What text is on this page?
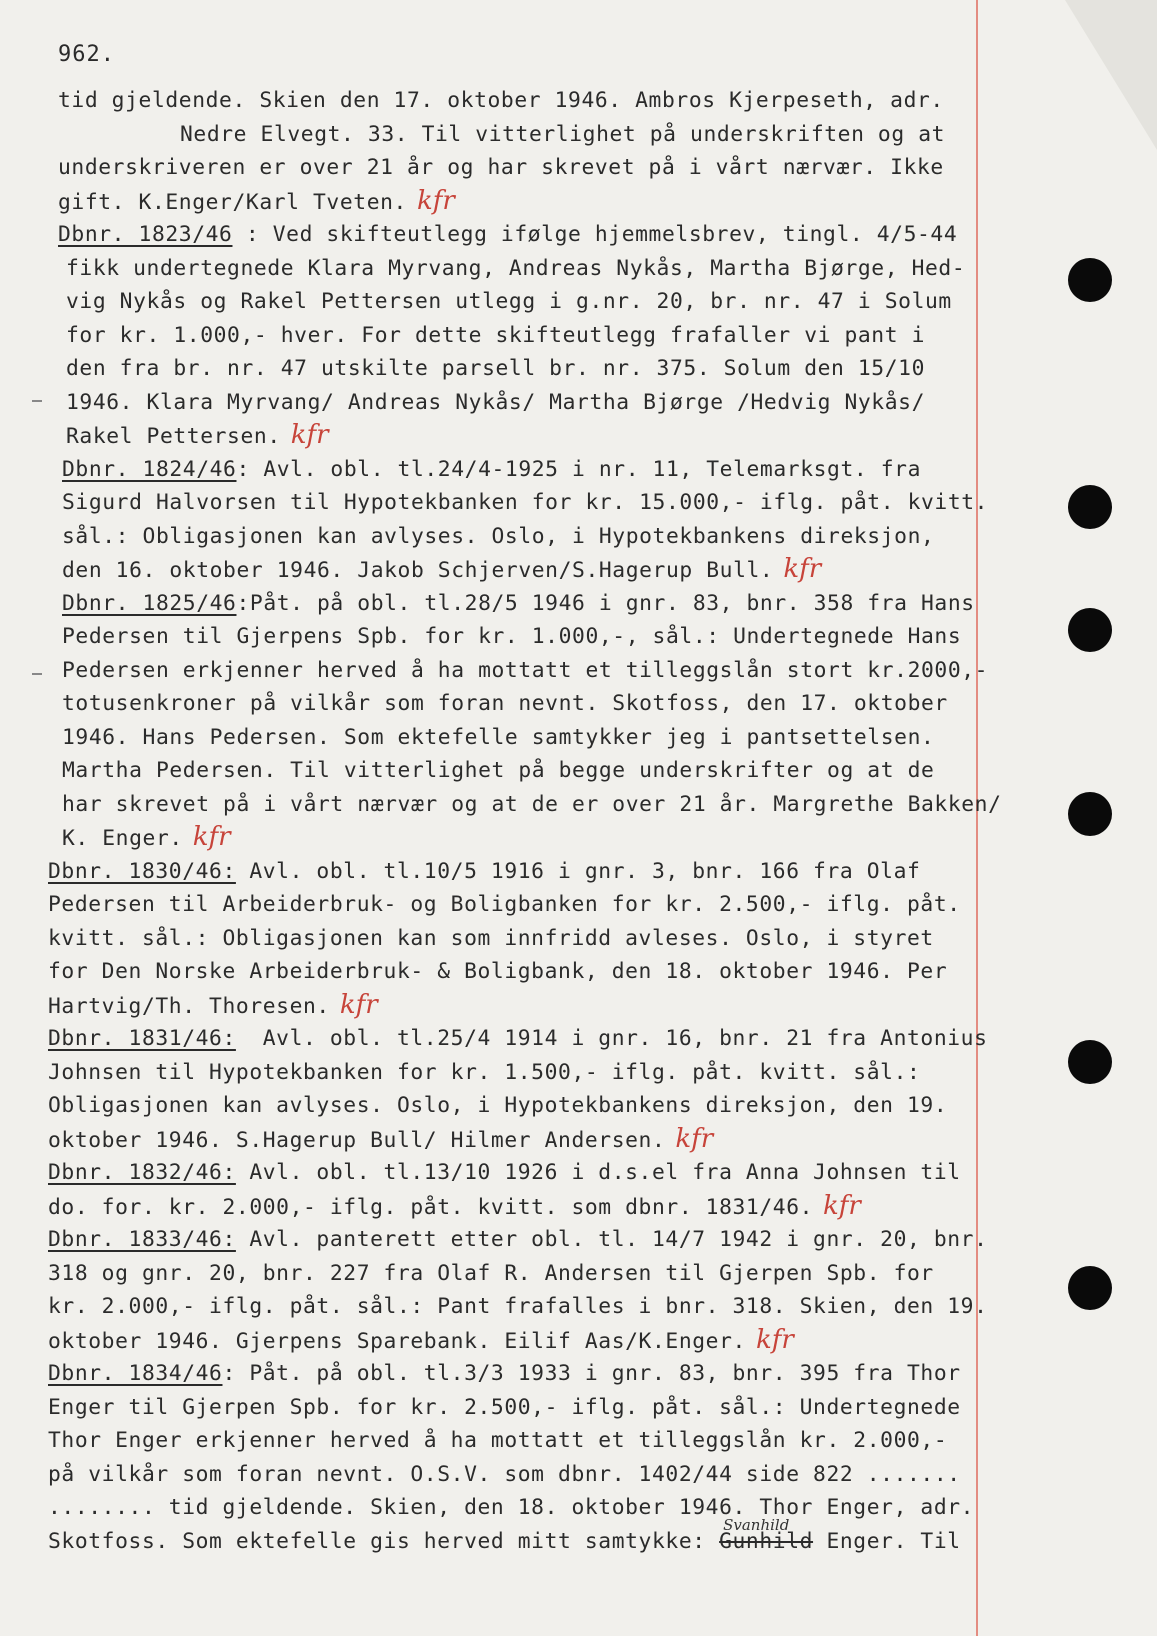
962.
tid gjeldende. Skien den 17. oktober 1946. Ambros Kjerpeseth, adr.
Nedre Elvegt. 33. Til vitterlighet på underskriften og at
underskriveren er over 21 år og har skrevet på i vårt nærvær. Ikke
gift. K.Enger/Karl Tveten. kfr
Dbnr. 1823/46 : Ved skifteutlegg ifølge hjemmelsbrev, tingl. 4/5-44
fikk undertegnede Klara Myrvang, Andreas Nykås, Martha Bjørge, Hed-
vig Nykås og Rakel Pettersen utlegg i g.nr. 20, br. nr. 47 i Solum
for kr. 1.000,- hver. For dette skifteutlegg frafaller vi pant i
den fra br. nr. 47 utskilte parsell br. nr. 375. Solum den 15/10
1946. Klara Myrvang/ Andreas Nykås/ Martha Bjørge /Hedvig Nykås/
Rakel Pettersen. kfr
Dbnr. 1824/46: Avl. obl. tl.24/4-1925 i nr. 11, Telemarksgt. fra
Sigurd Halvorsen til Hypotekbanken for kr. 15.000,- iflg. påt. kvitt.
sål.: Obligasjonen kan avlyses. Oslo, i Hypotekbankens direksjon,
den 16. oktober 1946. Jakob Schjerven/S.Hagerup Bull. kfr
Dbnr. 1825/46:Påt. på obl. tl.28/5 1946 i gnr. 83, bnr. 358 fra Hans
Pedersen til Gjerpens Spb. for kr. 1.000,-, sål.: Undertegnede Hans
Pedersen erkjenner herved å ha mottatt et tilleggslån stort kr.2000,-
totusenkroner på vilkår som foran nevnt. Skotfoss, den 17. oktober
1946. Hans Pedersen. Som ektefelle samtykker jeg i pantsettelsen.
Martha Pedersen. Til vitterlighet på begge underskrifter og at de
har skrevet på i vårt nærvær og at de er over 21 år. Margrethe Bakken/
K. Enger. kfr
Dbnr. 1830/46: Avl. obl. tl.10/5 1916 i gnr. 3, bnr. 166 fra Olaf
Pedersen til Arbeiderbruk- og Boligbanken for kr. 2.500,- iflg. påt.
kvitt. sål.: Obligasjonen kan som innfridd avleses. Oslo, i styret
for Den Norske Arbeiderbruk- & Boligbank, den 18. oktober 1946. Per
Hartvig/Th. Thoresen. kfr
Dbnr. 1831/46:  Avl. obl. tl.25/4 1914 i gnr. 16, bnr. 21 fra Antonius
Johnsen til Hypotekbanken for kr. 1.500,- iflg. påt. kvitt. sål.:
Obligasjonen kan avlyses. Oslo, i Hypotekbankens direksjon, den 19.
oktober 1946. S.Hagerup Bull/ Hilmer Andersen. kfr
Dbnr. 1832/46: Avl. obl. tl.13/10 1926 i d.s.el fra Anna Johnsen til
do. for. kr. 2.000,- iflg. påt. kvitt. som dbnr. 1831/46. kfr
Dbnr. 1833/46: Avl. panterett etter obl. tl. 14/7 1942 i gnr. 20, bnr.
318 og gnr. 20, bnr. 227 fra Olaf R. Andersen til Gjerpen Spb. for
kr. 2.000,- iflg. påt. sål.: Pant frafalles i bnr. 318. Skien, den 19.
oktober 1946. Gjerpens Sparebank. Eilif Aas/K.Enger. kfr
Dbnr. 1834/46: Påt. på obl. tl.3/3 1933 i gnr. 83, bnr. 395 fra Thor
Enger til Gjerpen Spb. for kr. 2.500,- iflg. påt. sål.: Undertegnede
Thor Enger erkjenner herved å ha mottatt et tilleggslån kr. 2.000,-
på vilkår som foran nevnt. O.S.V. som dbnr. 1402/44 side 822 .......
........ tid gjeldende. Skien, den 18. oktober 1946. Thor Enger, adr.
Skotfoss. Som ektefelle gis herved mitt samtykke:
Svanhild
Gunhild Enger. Til
